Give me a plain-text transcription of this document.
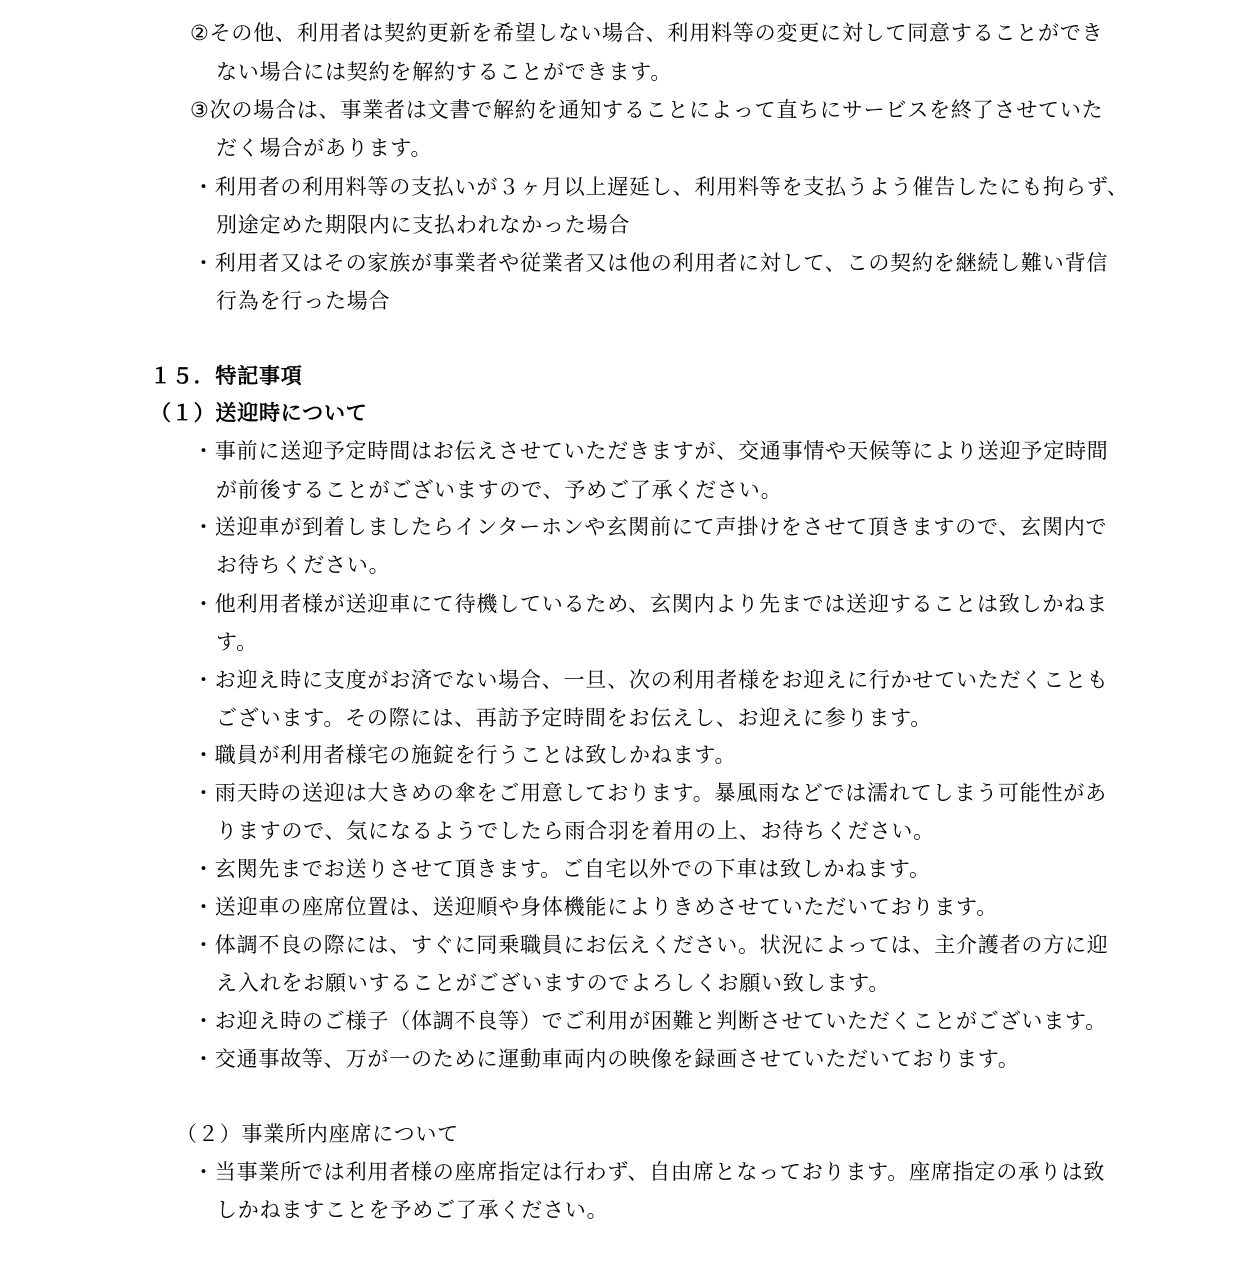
②その他、利用者は契約更新を希望しない場合、利用料等の変更に対して同意することができ
ない場合には契約を解約することができます。
③次の場合は、事業者は文書で解約を通知することによって直ちにサービスを終了させていた
だく場合があります。
・利用者の利用料等の支払いが３ヶ月以上遅延し、利用料等を支払うよう催告したにも拘らず、
別途定めた期限内に支払われなかった場合
・利用者又はその家族が事業者や従業者又は他の利用者に対して、この契約を継続し難い背信
行為を行った場合
１５．特記事項
（１）送迎時について
・事前に送迎予定時間はお伝えさせていただきますが、交通事情や天候等により送迎予定時間
が前後することがございますので、予めご了承ください。
・送迎車が到着しましたらインターホンや玄関前にて声掛けをさせて頂きますので、玄関内で
お待ちください。
・他利用者様が送迎車にて待機しているため、玄関内より先までは送迎することは致しかねま
す。
・お迎え時に支度がお済でない場合、一旦、次の利用者様をお迎えに行かせていただくことも
ございます。その際には、再訪予定時間をお伝えし、お迎えに参ります。
・職員が利用者様宅の施錠を行うことは致しかねます。
・雨天時の送迎は大きめの傘をご用意しております。暴風雨などでは濡れてしまう可能性があ
りますので、気になるようでしたら雨合羽を着用の上、お待ちください。
・玄関先までお送りさせて頂きます。ご自宅以外での下車は致しかねます。
・送迎車の座席位置は、送迎順や身体機能によりきめさせていただいております。
・体調不良の際には、すぐに同乗職員にお伝えください。状況によっては、主介護者の方に迎
え入れをお願いすることがございますのでよろしくお願い致します。
・お迎え時のご様子（体調不良等）でご利用が困難と判断させていただくことがございます。
・交通事故等、万が一のために運動車両内の映像を録画させていただいております。
（２）事業所内座席について
・当事業所では利用者様の座席指定は行わず、自由席となっております。座席指定の承りは致
しかねますことを予めご了承ください。
